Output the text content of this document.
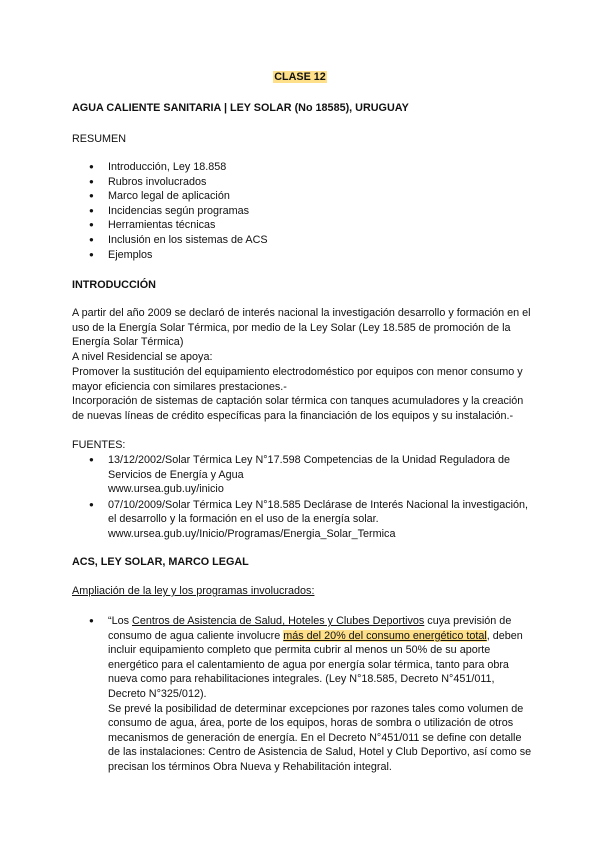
CLASE 12
AGUA CALIENTE SANITARIA | LEY SOLAR (No 18585), URUGUAY
RESUMEN
● Introducción, Ley 18.858
● Rubros involucrados
● Marco legal de aplicación
● Incidencias según programas
● Herramientas técnicas
● Inclusión en los sistemas de ACS
● Ejemplos
INTRODUCCIÓN
A partir del año 2009 se declaró de interés nacional la investigación desarrollo y formación en el uso de la Energía Solar Térmica, por medio de la Ley Solar (Ley 18.585 de promoción de la Energía Solar Térmica)
A nivel Residencial se apoya:
Promover la sustitución del equipamiento electrodoméstico por equipos con menor consumo y mayor eficiencia con similares prestaciones.-
Incorporación de sistemas de captación solar térmica con tanques acumuladores y la creación de nuevas líneas de crédito específicas para la financiación de los equipos y su instalación.-
FUENTES:
● 13/12/2002/Solar Térmica Ley N°17.598 Competencias de la Unidad Reguladora de Servicios de Energía y Agua
www.ursea.gub.uy/inicio
● 07/10/2009/Solar Térmica Ley N°18.585 Declárase de Interés Nacional la investigación, el desarrollo y la formación en el uso de la energía solar.
www.ursea.gub.uy/Inicio/Programas/Energia_Solar_Termica
ACS, LEY SOLAR, MARCO LEGAL
Ampliación de la ley y los programas involucrados:
● “Los Centros de Asistencia de Salud, Hoteles y Clubes Deportivos cuya previsión de consumo de agua caliente involucre más del 20% del consumo energético total, deben incluir equipamiento completo que permita cubrir al menos un 50% de su aporte energético para el calentamiento de agua por energía solar térmica, tanto para obra nueva como para rehabilitaciones integrales. (Ley N°18.585, Decreto N°451/011, Decreto N°325/012).
Se prevé la posibilidad de determinar excepciones por razones tales como volumen de consumo de agua, área, porte de los equipos, horas de sombra o utilización de otros mecanismos de generación de energía. En el Decreto N°451/011 se define con detalle de las instalaciones: Centro de Asistencia de Salud, Hotel y Club Deportivo, así como se precisan los términos Obra Nueva y Rehabilitación integral.
